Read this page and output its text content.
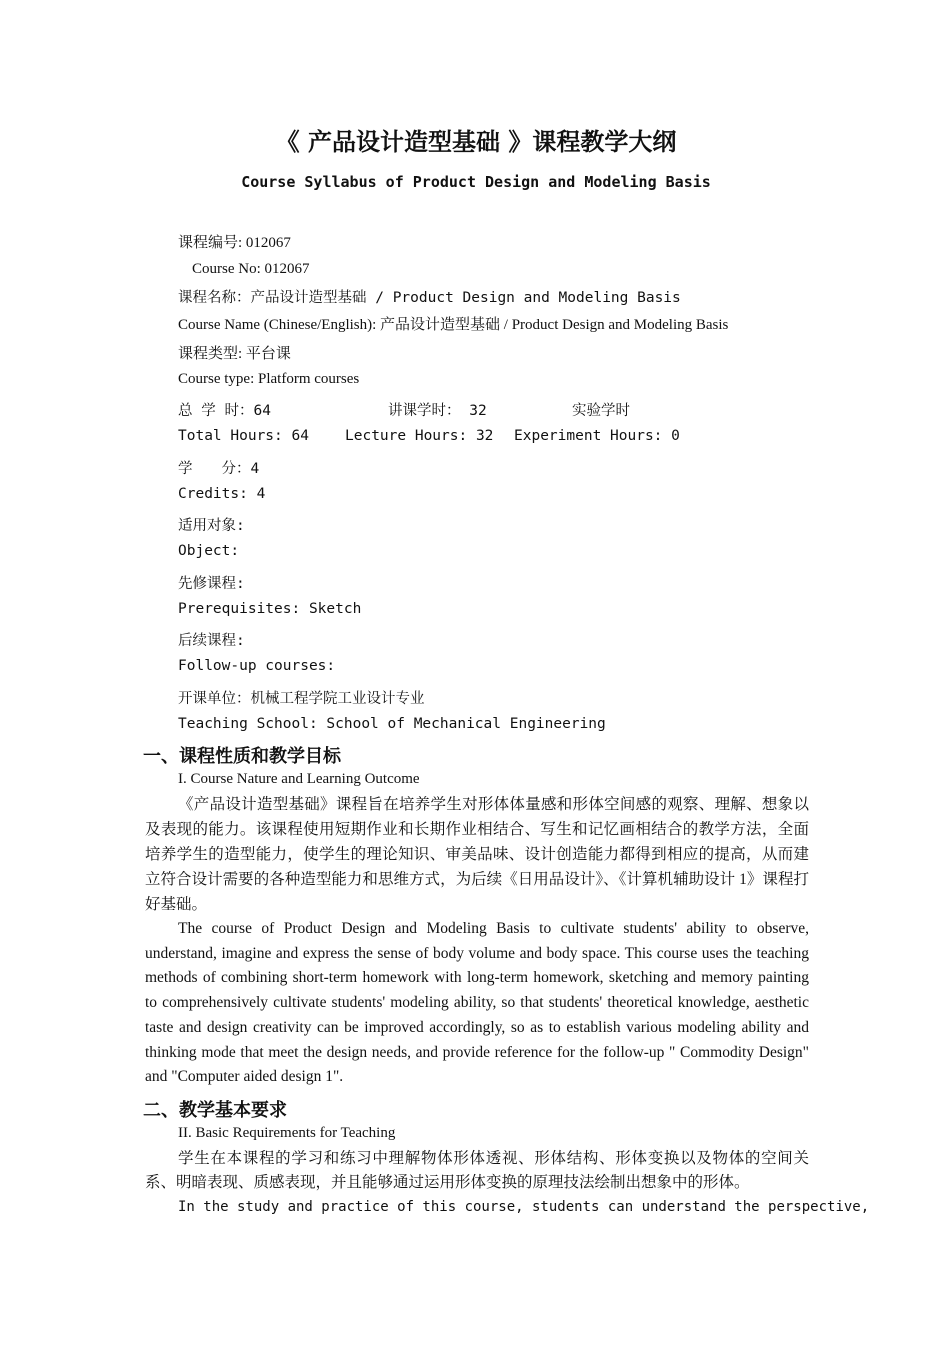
《 产品设计造型基础 》课程教学大纲
Course Syllabus of Product Design and Modeling Basis
课程编号: 012067
Course No: 012067
课程名称：产品设计造型基础 / Product Design and Modeling Basis
Course Name (Chinese/English): 产品设计造型基础 / Product Design and Modeling Basis
课程类型: 平台课
Course type: Platform courses
总 学 时：64	讲课学时： 32	实验学时
Total Hours: 64 Lecture Hours: 32 Experiment Hours: 0
学　　分：4
Credits: 4
适用对象:
Object:
先修课程:
Prerequisites: Sketch
后续课程:
Follow-up courses:
开课单位：机械工程学院工业设计专业
Teaching School: School of Mechanical Engineering
一、课程性质和教学目标
I. Course Nature and Learning Outcome
《产品设计造型基础》课程旨在培养学生对形体体量感和形体空间感的观察、理解、想象以及表现的能力。该课程使用短期作业和长期作业相结合、写生和记忆画相结合的教学方法，全面培养学生的造型能力，使学生的理论知识、审美品味、设计创造能力都得到相应的提高，从而建立符合设计需要的各种造型能力和思维方式，为后续《日用品设计》、《计算机辅助设计 1》课程打好基础。
The course of Product Design and Modeling Basis to cultivate students' ability to observe, understand, imagine and express the sense of body volume and body space. This course uses the teaching methods of combining short-term homework with long-term homework, sketching and memory painting to comprehensively cultivate students' modeling ability, so that students' theoretical knowledge, aesthetic taste and design creativity can be improved accordingly, so as to establish various modeling ability and thinking mode that meet the design needs, and provide reference for the follow-up " Commodity Design" and "Computer aided design 1".
二、教学基本要求
II. Basic Requirements for Teaching
学生在本课程的学习和练习中理解物体形体透视、形体结构、形体变换以及物体的空间关系、明暗表现、质感表现，并且能够通过运用形体变换的原理技法绘制出想象中的形体。
In the study and practice of this course, students can understand the perspective,
